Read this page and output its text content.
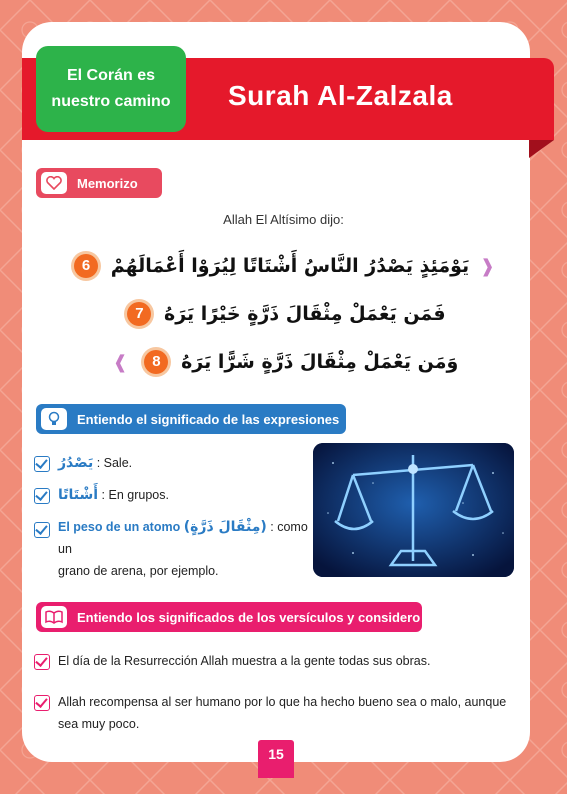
Surah Al-Zalzala
El Corán es
nuestro camino
Memorizo
Allah El Altísimo dijo:
❰ يَوْمَئِذٍ يَصْدُرُ النَّاسُ أَشْتَاتًا لِيُرَوْا أَعْمَالَهُمْ 6
فَمَن يَعْمَلْ مِثْقَالَ ذَرَّةٍ خَيْرًا يَرَهُ 7
وَمَن يَعْمَلْ مِثْقَالَ ذَرَّةٍ شَرًّا يَرَهُ 8 ❱
Entiendo el significado de las expresiones
يَصْدُرُ : Sale.
أَشْتَاتًا : En grupos.
El peso de un atomo (مِثْقَالَ ذَرَّةٍ) : como un
grano de arena, por ejemplo.
Entiendo los significados de los versículos y considero
El día de la Resurrección Allah muestra a la gente todas sus obras.
Allah recompensa al ser humano por lo que ha hecho bueno sea o malo, aunque
sea muy poco.
15
